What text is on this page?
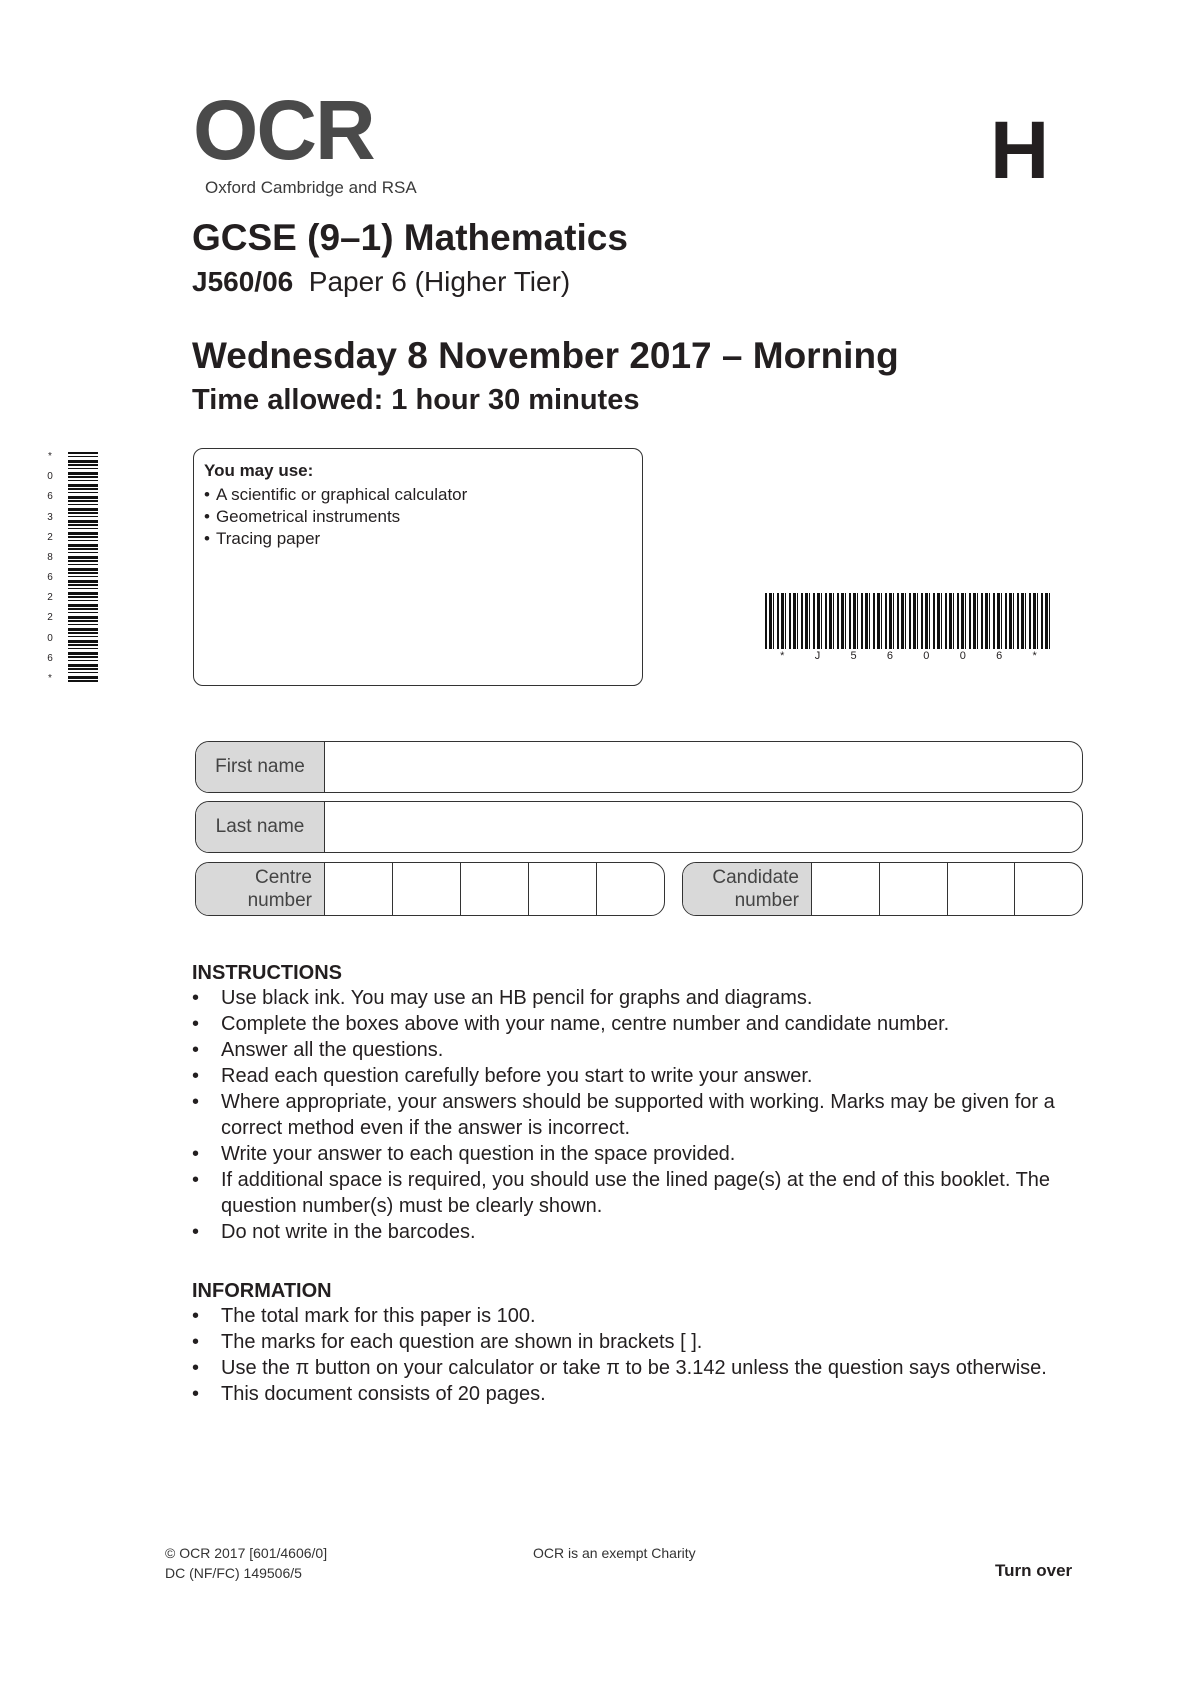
OCR
Oxford Cambridge and RSA	H
GCSE (9–1) Mathematics
J560/06 Paper 6 (Higher Tier)
Wednesday 8 November 2017 – Morning
Time allowed: 1 hour 30 minutes
*
0
6
3
2
8
6
2
2
0
6
*
You may use:
• A scientific or graphical calculator
• Geometrical instruments
• Tracing paper
*	J	5	6	0	0	6	*
First name
Last name
Centre
number
Candidate
number
INSTRUCTIONS
• Use black ink. You may use an HB pencil for graphs and diagrams.
• Complete the boxes above with your name, centre number and candidate number.
• Answer all the questions.
• Read each question carefully before you start to write your answer.
• Where appropriate, your answers should be supported with working. Marks may be given for a correct method even if the answer is incorrect.
• Write your answer to each question in the space provided.
• If additional space is required, you should use the lined page(s) at the end of this booklet. The question number(s) must be clearly shown.
• Do not write in the barcodes.
INFORMATION
• The total mark for this paper is 100.
• The marks for each question are shown in brackets [ ].
• Use the π button on your calculator or take π to be 3.142 unless the question says otherwise.
• This document consists of 20 pages.
© OCR 2017 [601/4606/0]
DC (NF/FC) 149506/5
OCR is an exempt Charity
Turn over
